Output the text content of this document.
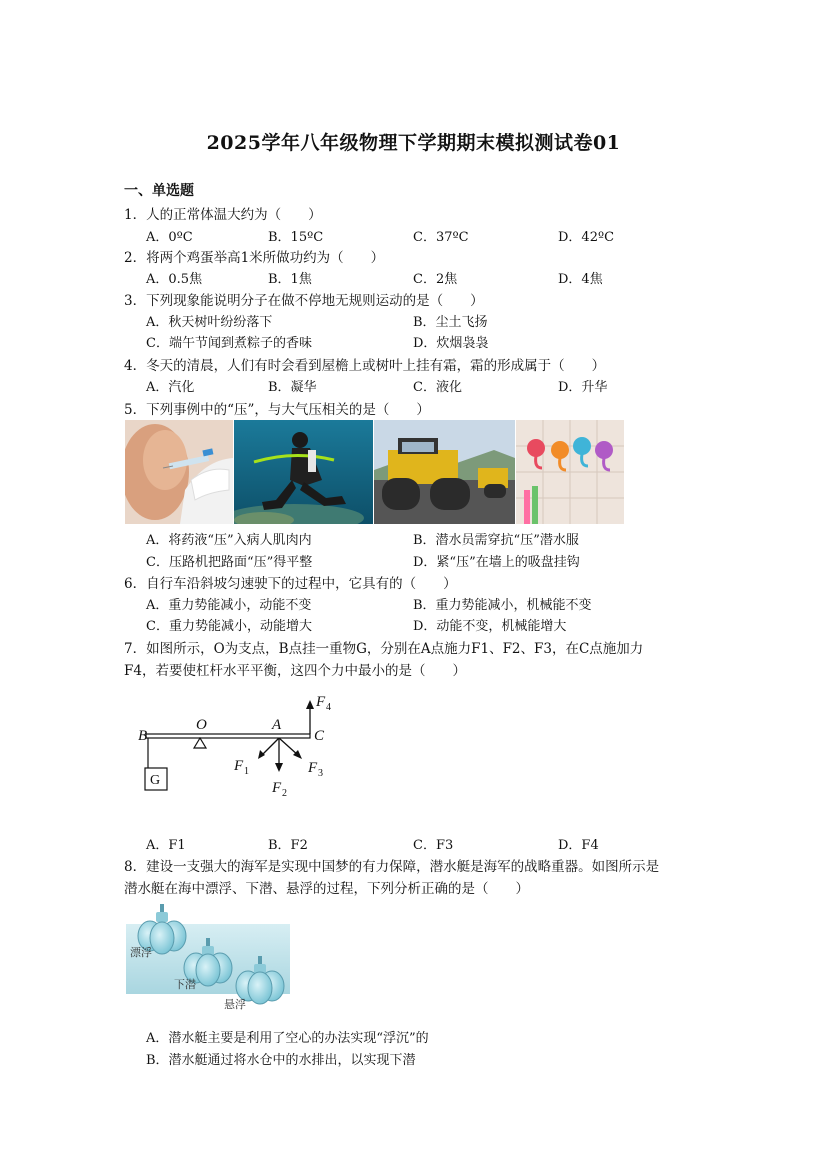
2025学年八年级物理下学期期末模拟测试卷01
一、单选题
1．人的正常体温大约为（　　）
A．0ºC	B．15ºC	C．37ºC	D．42ºC
2．将两个鸡蛋举高1米所做功约为（　　）
A．0.5焦	B．1焦	C．2焦	D．4焦
3．下列现象能说明分子在做不停地无规则运动的是（　　）
A．秋天树叶纷纷落下	B．尘土飞扬
C．端午节闻到煮粽子的香味	D．炊烟袅袅
4．冬天的清晨，人们有时会看到屋檐上或树叶上挂有霜，霜的形成属于（　　）
A．汽化	B．凝华	C．液化	D．升华
5．下列事例中的“压”，与大气压相关的是（　　）
A．将药液“压”入病人肌肉内	B．潜水员需穿抗“压”潜水服
C．压路机把路面“压”得平整	D．紧“压”在墙上的吸盘挂钩
6．自行车沿斜坡匀速驶下的过程中，它具有的（　　）
A．重力势能减小，动能不变	B．重力势能减小，机械能不变
C．重力势能减小，动能增大	D．动能不变，机械能增大
7．如图所示，O为支点，B点挂一重物G，分别在A点施力F1、F2、F3，在C点施加力
F4，若要使杠杆水平平衡，这四个力中最小的是（　　）
G
B
O	A
C
F 1
F 2
F 3
F 4
A．F1	B．F2	C．F3	D．F4
8．建设一支强大的海军是实现中国梦的有力保障，潜水艇是海军的战略重器。如图所示是
潜水艇在海中漂浮、下潜、悬浮的过程，下列分析正确的是（　　）
漂浮
下潜
悬浮
A．潜水艇主要是利用了空心的办法实现“浮沉”的
B．潜水艇通过将水仓中的水排出，以实现下潜
